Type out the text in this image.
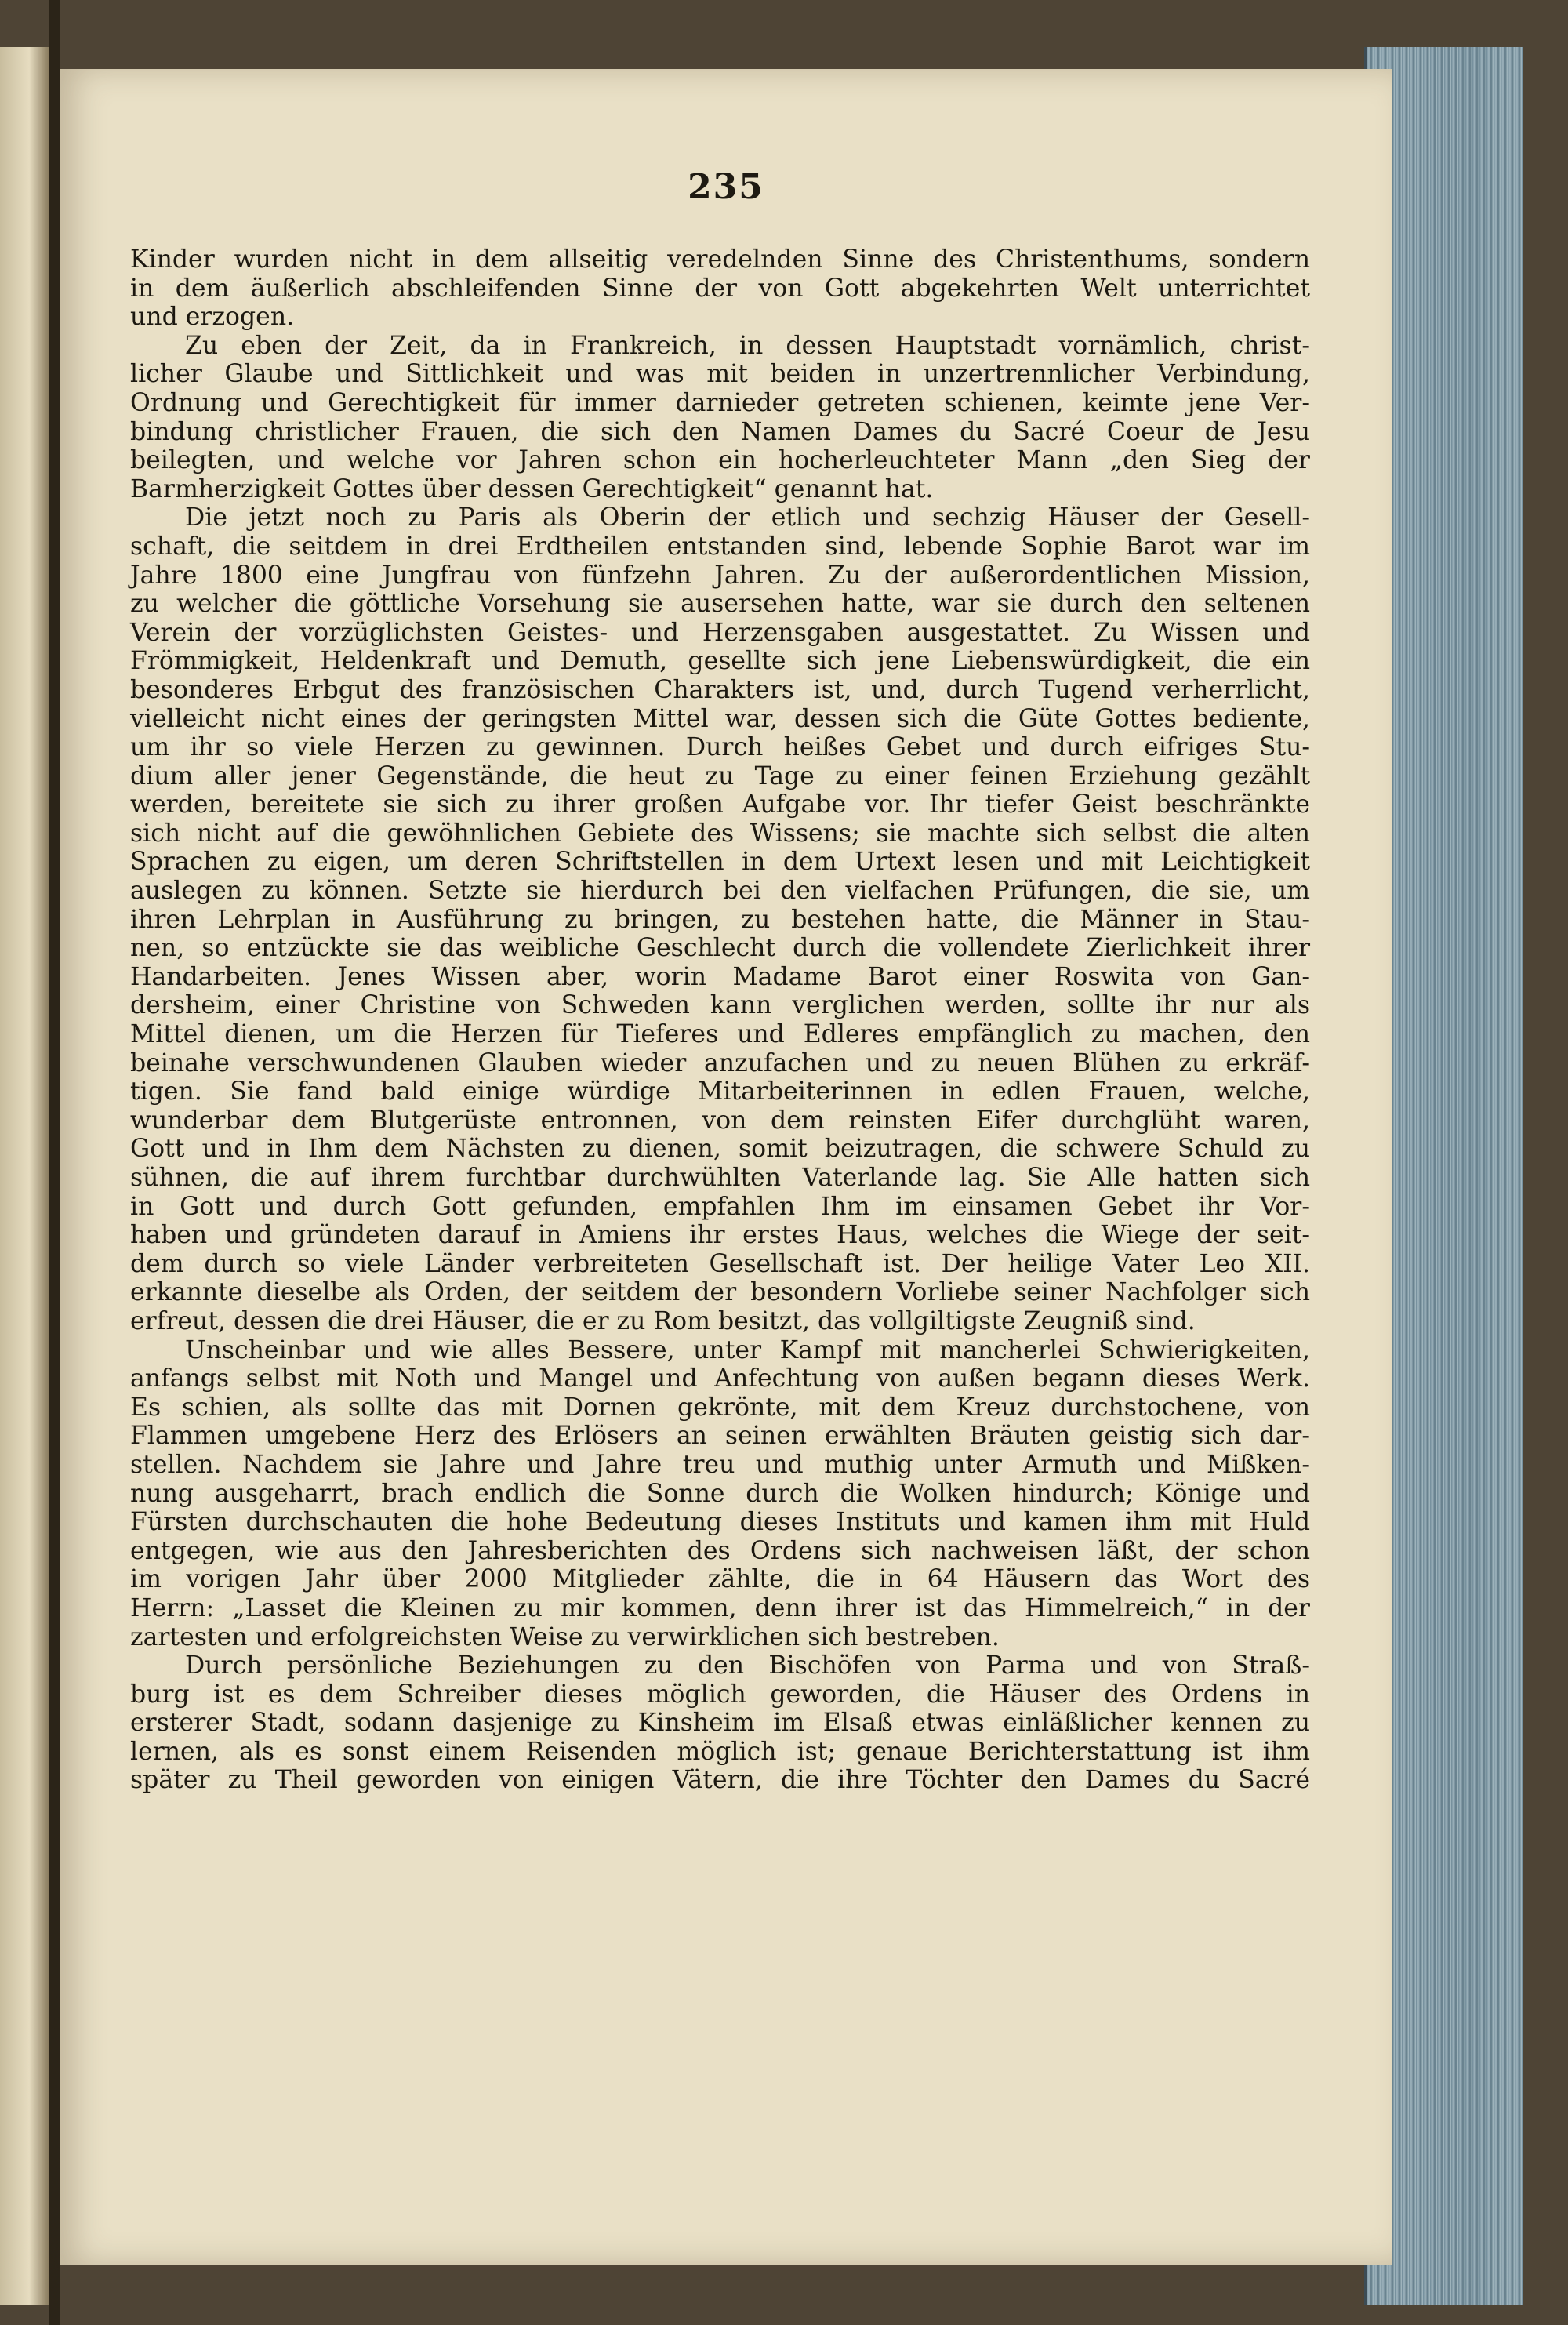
235
Kinder wurden nicht in dem allseitig veredelnden Sinne des Christenthums, sondern
in dem äußerlich abschleifenden Sinne der von Gott abgekehrten Welt unterrichtet
und erzogen.
Zu eben der Zeit, da in Frankreich, in dessen Hauptstadt vornämlich, christ-
licher Glaube und Sittlichkeit und was mit beiden in unzertrennlicher Verbindung,
Ordnung und Gerechtigkeit für immer darnieder getreten schienen, keimte jene Ver-
bindung christlicher Frauen, die sich den Namen Dames du Sacré Coeur de Jesu
beilegten, und welche vor Jahren schon ein hocherleuchteter Mann „den Sieg der
Barmherzigkeit Gottes über dessen Gerechtigkeit“ genannt hat.
Die jetzt noch zu Paris als Oberin der etlich und sechzig Häuser der Gesell-
schaft, die seitdem in drei Erdtheilen entstanden sind, lebende Sophie Barot war im
Jahre 1800 eine Jungfrau von fünfzehn Jahren. Zu der außerordentlichen Mission,
zu welcher die göttliche Vorsehung sie ausersehen hatte, war sie durch den seltenen
Verein der vorzüglichsten Geistes- und Herzensgaben ausgestattet. Zu Wissen und
Frömmigkeit, Heldenkraft und Demuth, gesellte sich jene Liebenswürdigkeit, die ein
besonderes Erbgut des französischen Charakters ist, und, durch Tugend verherrlicht,
vielleicht nicht eines der geringsten Mittel war, dessen sich die Güte Gottes bediente,
um ihr so viele Herzen zu gewinnen. Durch heißes Gebet und durch eifriges Stu-
dium aller jener Gegenstände, die heut zu Tage zu einer feinen Erziehung gezählt
werden, bereitete sie sich zu ihrer großen Aufgabe vor. Ihr tiefer Geist beschränkte
sich nicht auf die gewöhnlichen Gebiete des Wissens; sie machte sich selbst die alten
Sprachen zu eigen, um deren Schriftstellen in dem Urtext lesen und mit Leichtigkeit
auslegen zu können. Setzte sie hierdurch bei den vielfachen Prüfungen, die sie, um
ihren Lehrplan in Ausführung zu bringen, zu bestehen hatte, die Männer in Stau-
nen, so entzückte sie das weibliche Geschlecht durch die vollendete Zierlichkeit ihrer
Handarbeiten. Jenes Wissen aber, worin Madame Barot einer Roswita von Gan-
dersheim, einer Christine von Schweden kann verglichen werden, sollte ihr nur als
Mittel dienen, um die Herzen für Tieferes und Edleres empfänglich zu machen, den
beinahe verschwundenen Glauben wieder anzufachen und zu neuen Blühen zu erkräf-
tigen. Sie fand bald einige würdige Mitarbeiterinnen in edlen Frauen, welche,
wunderbar dem Blutgerüste entronnen, von dem reinsten Eifer durchglüht waren,
Gott und in Ihm dem Nächsten zu dienen, somit beizutragen, die schwere Schuld zu
sühnen, die auf ihrem furchtbar durchwühlten Vaterlande lag. Sie Alle hatten sich
in Gott und durch Gott gefunden, empfahlen Ihm im einsamen Gebet ihr Vor-
haben und gründeten darauf in Amiens ihr erstes Haus, welches die Wiege der seit-
dem durch so viele Länder verbreiteten Gesellschaft ist. Der heilige Vater Leo XII.
erkannte dieselbe als Orden, der seitdem der besondern Vorliebe seiner Nachfolger sich
erfreut, dessen die drei Häuser, die er zu Rom besitzt, das vollgiltigste Zeugniß sind.
Unscheinbar und wie alles Bessere, unter Kampf mit mancherlei Schwierigkeiten,
anfangs selbst mit Noth und Mangel und Anfechtung von außen begann dieses Werk.
Es schien, als sollte das mit Dornen gekrönte, mit dem Kreuz durchstochene, von
Flammen umgebene Herz des Erlösers an seinen erwählten Bräuten geistig sich dar-
stellen. Nachdem sie Jahre und Jahre treu und muthig unter Armuth und Mißken-
nung ausgeharrt, brach endlich die Sonne durch die Wolken hindurch; Könige und
Fürsten durchschauten die hohe Bedeutung dieses Instituts und kamen ihm mit Huld
entgegen, wie aus den Jahresberichten des Ordens sich nachweisen läßt, der schon
im vorigen Jahr über 2000 Mitglieder zählte, die in 64 Häusern das Wort des
Herrn: „Lasset die Kleinen zu mir kommen, denn ihrer ist das Himmelreich,“ in der
zartesten und erfolgreichsten Weise zu verwirklichen sich bestreben.
Durch persönliche Beziehungen zu den Bischöfen von Parma und von Straß-
burg ist es dem Schreiber dieses möglich geworden, die Häuser des Ordens in
ersterer Stadt, sodann dasjenige zu Kinsheim im Elsaß etwas einläßlicher kennen zu
lernen, als es sonst einem Reisenden möglich ist; genaue Berichterstattung ist ihm
später zu Theil geworden von einigen Vätern, die ihre Töchter den Dames du Sacré
